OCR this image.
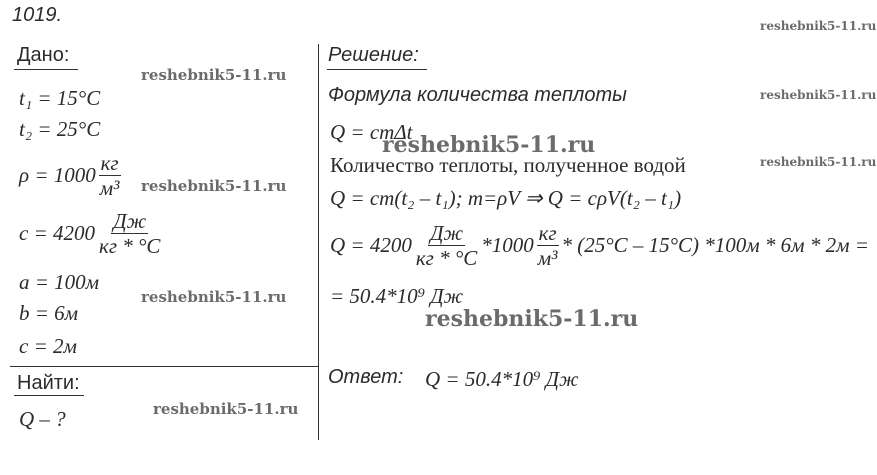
1019.	reshebnik5-11.ru
reshebnik5-11.ru
reshebnik5-11.ru
reshebnik5-11.ru
reshebnik5-11.ru
reshebnik5-11.ru
reshebnik5-11.ru
reshebnik5-11.ru
reshebnik5-11.ru
Дано:
t₁ = 15°C
t₂ = 25°C
$\rho = 1000 \frac{кг}{\text{м³}}$
$c = 4200 \frac{Дж}{кг * ^\circ C}$
a = 100м
b = 6м
c = 2м
Найти:
Q – ?
Решение:
Формула количества теплоты
Q = cmΔt
Количество теплоты, полученное водой
Q = cm(t₂ – t₁); m=ρV ⇒ Q = cρV(t₂ – t₁)
$Q = 4200 \frac{Дж}{кг * ^\circ C} *1000 \frac{кг}{\text{м³}} * (25^\circ C - 15^\circ C)$ *100м * 6м * 2м =
= 50.4*10⁹ Дж
Ответ: Q = 50.4*10⁹ Дж
